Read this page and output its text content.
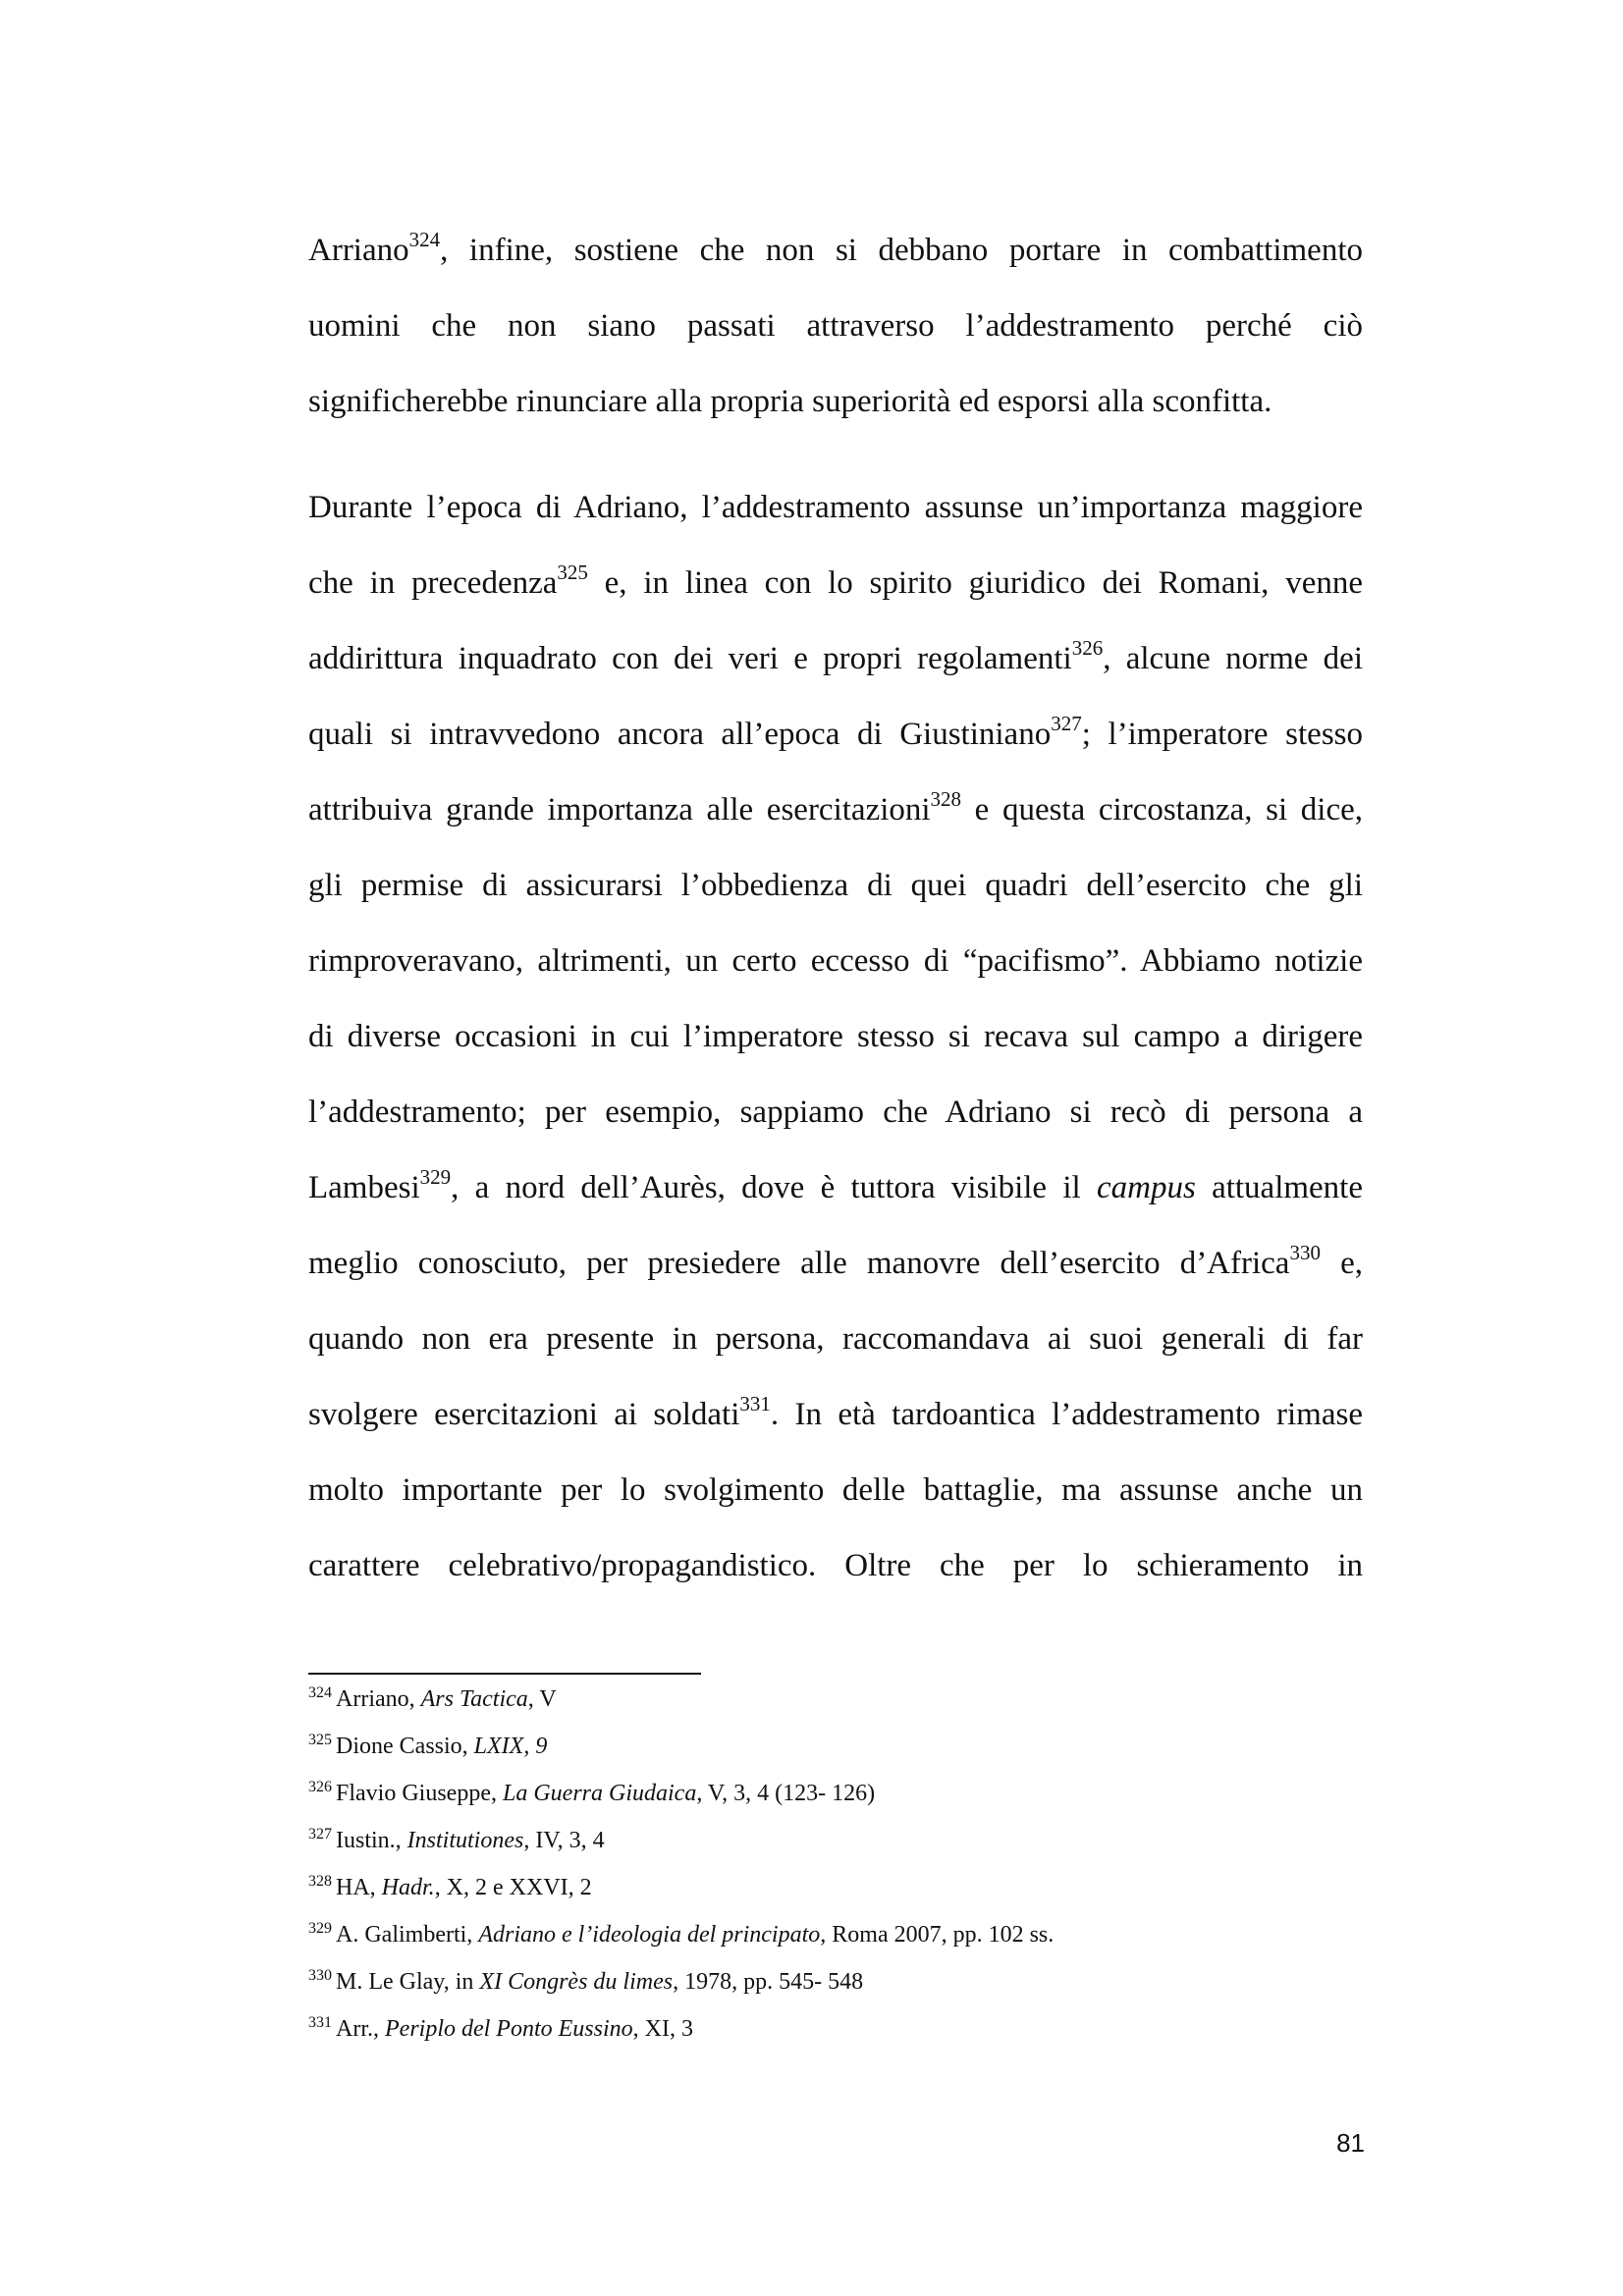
Arriano$^{324}$, infine, sostiene che non si debbano portare in combattimento
uomini che non siano passati attraverso l’addestramento perché ciò
significherebbe rinunciare alla propria superiorità ed esporsi alla sconfitta.
Durante l’epoca di Adriano, l’addestramento assunse un’importanza maggiore
che in precedenza$^{325}$ e, in linea con lo spirito giuridico dei Romani, venne
addirittura inquadrato con dei veri e propri regolamenti$^{326}$, alcune norme dei
quali si intravvedono ancora all’epoca di Giustiniano$^{327}$; l’imperatore stesso
attribuiva grande importanza alle esercitazioni$^{328}$ e questa circostanza, si dice,
gli permise di assicurarsi l’obbedienza di quei quadri dell’esercito che gli
rimproveravano, altrimenti, un certo eccesso di “pacifismo”. Abbiamo notizie
di diverse occasioni in cui l’imperatore stesso si recava sul campo a dirigere
l’addestramento; per esempio, sappiamo che Adriano si recò di persona a
Lambesi$^{329}$, a nord dell’Aurès, dove è tuttora visibile il campus attualmente
meglio conosciuto, per presiedere alle manovre dell’esercito d’Africa$^{330}$ e,
quando non era presente in persona, raccomandava ai suoi generali di far
svolgere esercitazioni ai soldati$^{331}$. In età tardoantica l’addestramento rimase
molto importante per lo svolgimento delle battaglie, ma assunse anche un
carattere celebrativo/propagandistico. Oltre che per lo schieramento in
$^{324}$ Arriano, Ars Tactica, V
$^{325}$ Dione Cassio, LXIX, 9
$^{326}$ Flavio Giuseppe, La Guerra Giudaica, V, 3, 4 (123- 126)
$^{327}$ Iustin., Institutiones, IV, 3, 4
$^{328}$ HA, Hadr., X, 2 e XXVI, 2
$^{329}$ A. Galimberti, Adriano e l’ideologia del principato, Roma 2007, pp. 102 ss.
$^{330}$ M. Le Glay, in XI Congrès du limes, 1978, pp. 545- 548
$^{331}$ Arr., Periplo del Ponto Eussino, XI, 3
81
